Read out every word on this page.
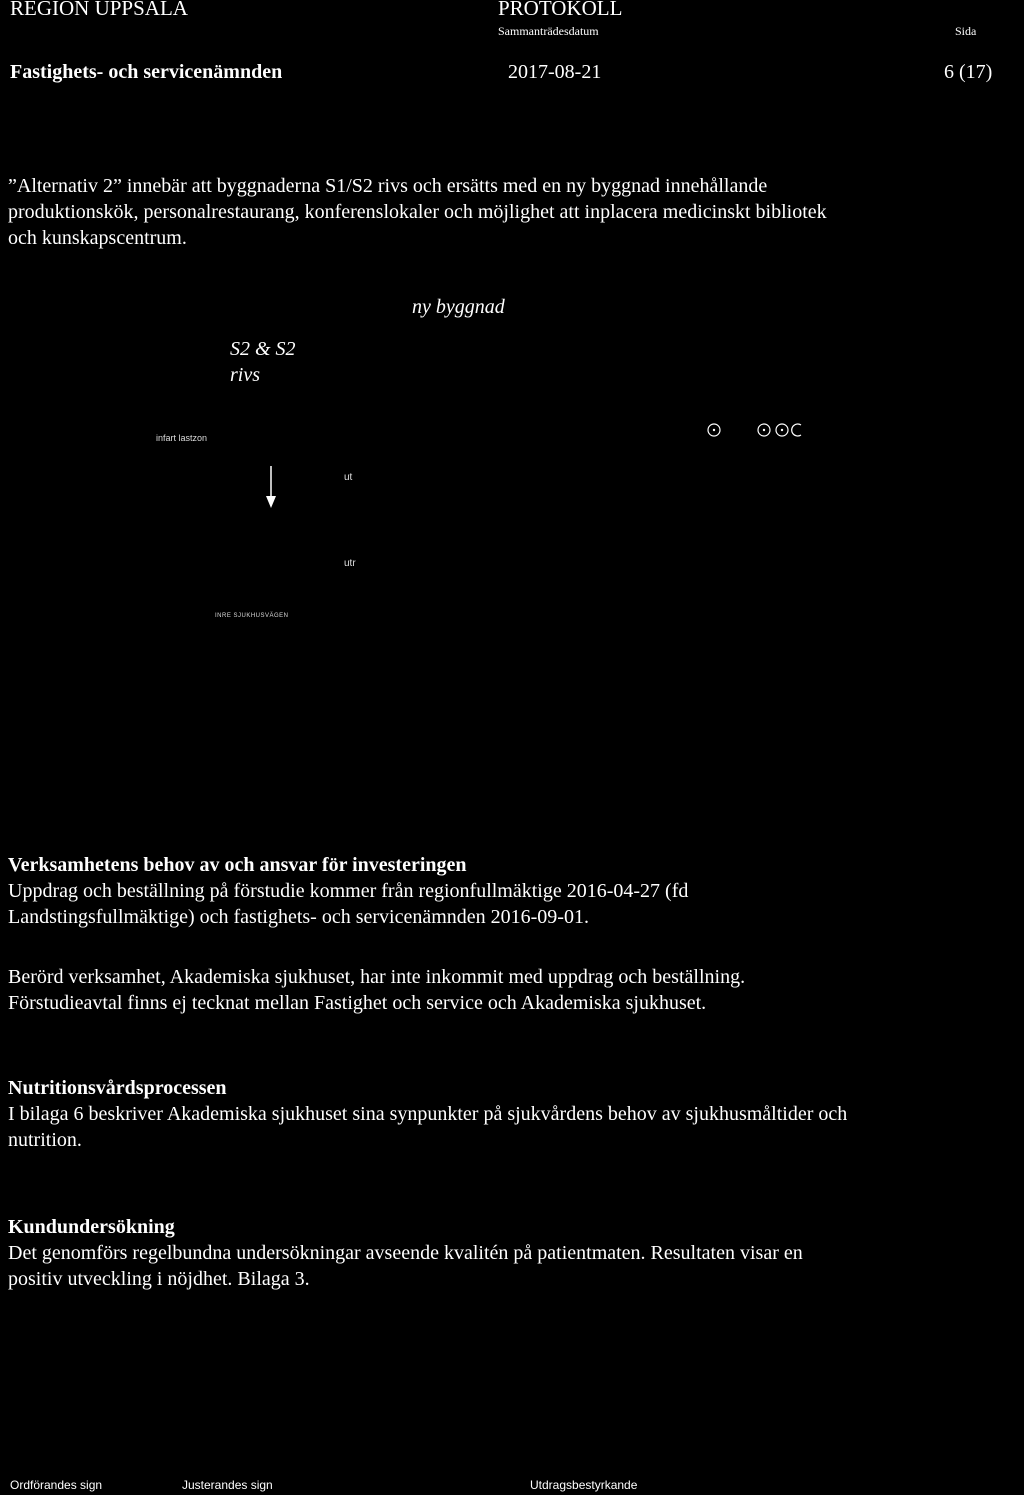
REGION UPPSALA	PROTOKOLL
Sammanträdesdatum	Sida
Fastighets- och servicenämnden	2017-08-21	6 (17)
”Alternativ 2” innebär att byggnaderna S1/S2 rivs och ersätts med en ny byggnad innehållande
produktionskök, personalrestaurang, konferenslokaler och möjlighet att inplacera medicinskt bibliotek
och kunskapscentrum.
ny byggnad
S2 & S2
rivs
infart lastzon
ut
utr
INRE SJUKHUSVÄGEN
Verksamhetens behov av och ansvar för investeringen
Uppdrag och beställning på förstudie kommer från regionfullmäktige 2016-04-27 (fd
Landstingsfullmäktige) och fastighets- och servicenämnden 2016-09-01.
Berörd verksamhet, Akademiska sjukhuset, har inte inkommit med uppdrag och beställning.
Förstudieavtal finns ej tecknat mellan Fastighet och service och Akademiska sjukhuset.
Nutritionsvårdsprocessen
I bilaga 6 beskriver Akademiska sjukhuset sina synpunkter på sjukvårdens behov av sjukhusmåltider och
nutrition.
Kundundersökning
Det genomförs regelbundna undersökningar avseende kvalitén på patientmaten. Resultaten visar en
positiv utveckling i nöjdhet. Bilaga 3.
Ordförandes sign	Justerandes sign	Utdragsbestyrkande
